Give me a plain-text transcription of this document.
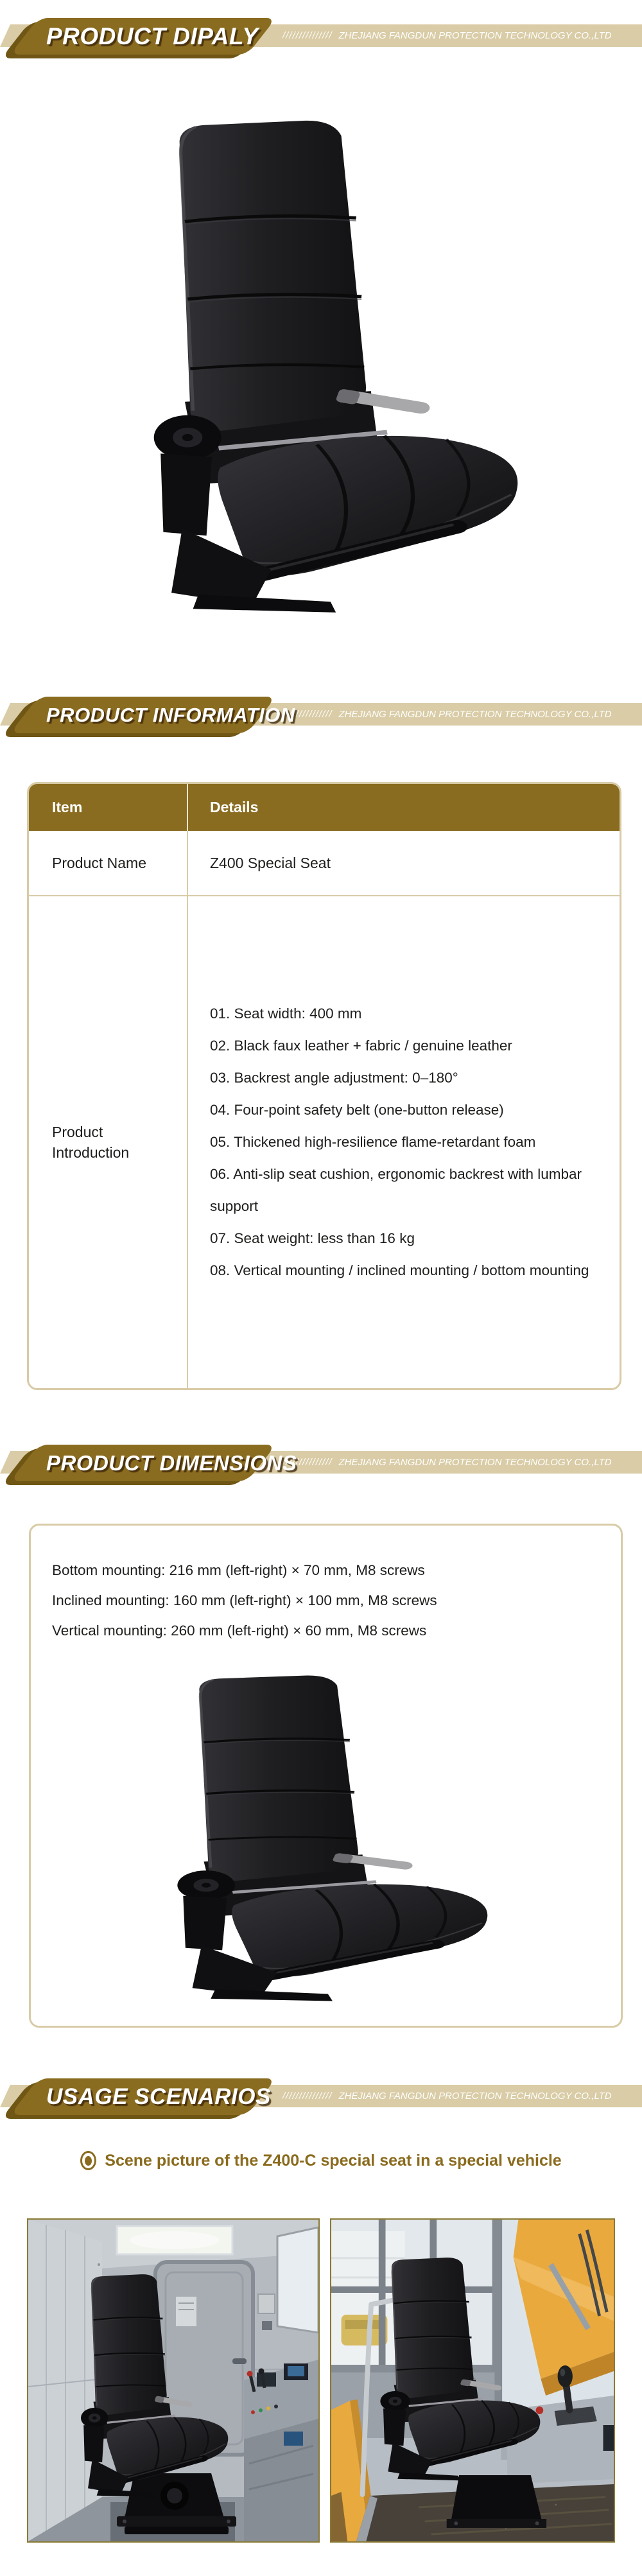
/////////////// ZHEJIANG FANGDUN PROTECTION TECHNOLOGY CO.,LTD
PRODUCT DIPALY
/////////////// ZHEJIANG FANGDUN PROTECTION TECHNOLOGY CO.,LTD
PRODUCT INFORMATION
Item	Details
Product Name	Z400 Special Seat
Product Introduction
01. Seat width: 400 mm
02. Black faux leather + fabric / genuine leather
03. Backrest angle adjustment: 0–180°
04. Four-point safety belt (one-button release)
05. Thickened high-resilience flame-retardant foam
06. Anti-slip seat cushion, ergonomic backrest with lumbar support
07. Seat weight: less than 16 kg
08. Vertical mounting / inclined mounting / bottom mounting
/////////////// ZHEJIANG FANGDUN PROTECTION TECHNOLOGY CO.,LTD
PRODUCT DIMENSIONS
Bottom mounting: 216 mm (left-right) × 70 mm, M8 screws
Inclined mounting: 160 mm (left-right) × 100 mm, M8 screws
Vertical mounting: 260 mm (left-right) × 60 mm, M8 screws
/////////////// ZHEJIANG FANGDUN PROTECTION TECHNOLOGY CO.,LTD
USAGE SCENARIOS
Scene picture of the Z400-C special seat in a special vehicle
